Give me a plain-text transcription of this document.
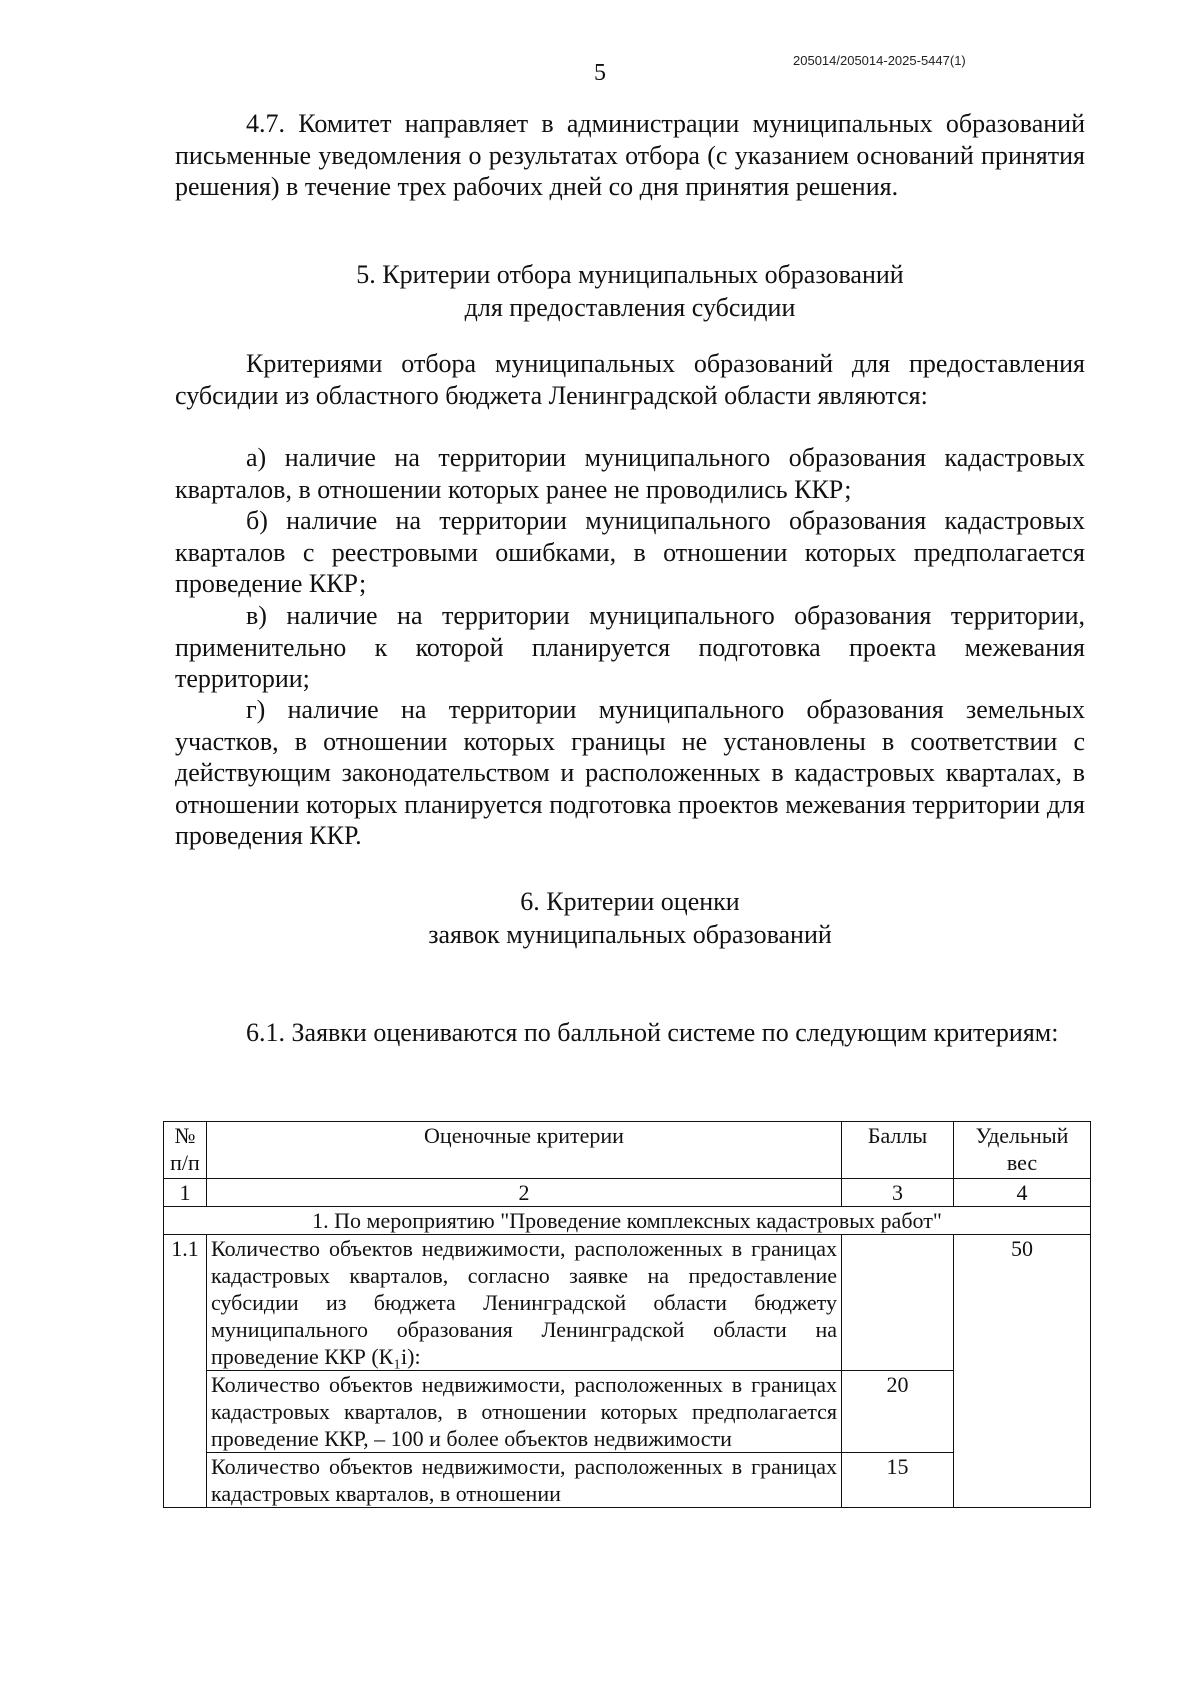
205014/205014-2025-5447(1)
5

4.7. Комитет направляет в администрации муниципальных образований письменные уведомления о результатах отбора (с указанием оснований принятия решения) в течение трех рабочих дней со дня принятия решения.

5. Критерии отбора муниципальных образований
для предоставления субсидии

Критериями отбора муниципальных образований для предоставления субсидии из областного бюджета Ленинградской области являются:

а) наличие на территории муниципального образования кадастровых кварталов, в отношении которых ранее не проводились ККР;

б) наличие на территории муниципального образования кадастровых кварталов с реестровыми ошибками, в отношении которых предполагается проведение ККР;

в) наличие на территории муниципального образования территории, применительно к которой планируется подготовка проекта межевания территории;

г) наличие на территории муниципального образования земельных участков, в отношении которых границы не установлены в соответствии с действующим законодательством и расположенных в кадастровых кварталах, в отношении которых планируется подготовка проектов межевания территории для проведения ККР.

6. Критерии оценки
заявок муниципальных образований

6.1. Заявки оцениваются по балльной системе по следующим критериям:

№ п/п	Оценочные критерии	Баллы	Удельный вес
1	2	3	4
1. По мероприятию "Проведение комплексных кадастровых работ"			
1.1	Количество объектов недвижимости, расположенных в границах кадастровых кварталов, согласно заявке на предоставление субсидии из бюджета Ленинградской области бюджету муниципального образования Ленинградской области на проведение ККР (К₁i):		50
	Количество объектов недвижимости, расположенных в границах кадастровых кварталов, в отношении которых предполагается проведение ККР, – 100 и более объектов недвижимости	20	
	Количество объектов недвижимости, расположенных в границах кадастровых кварталов, в отношении	15	
